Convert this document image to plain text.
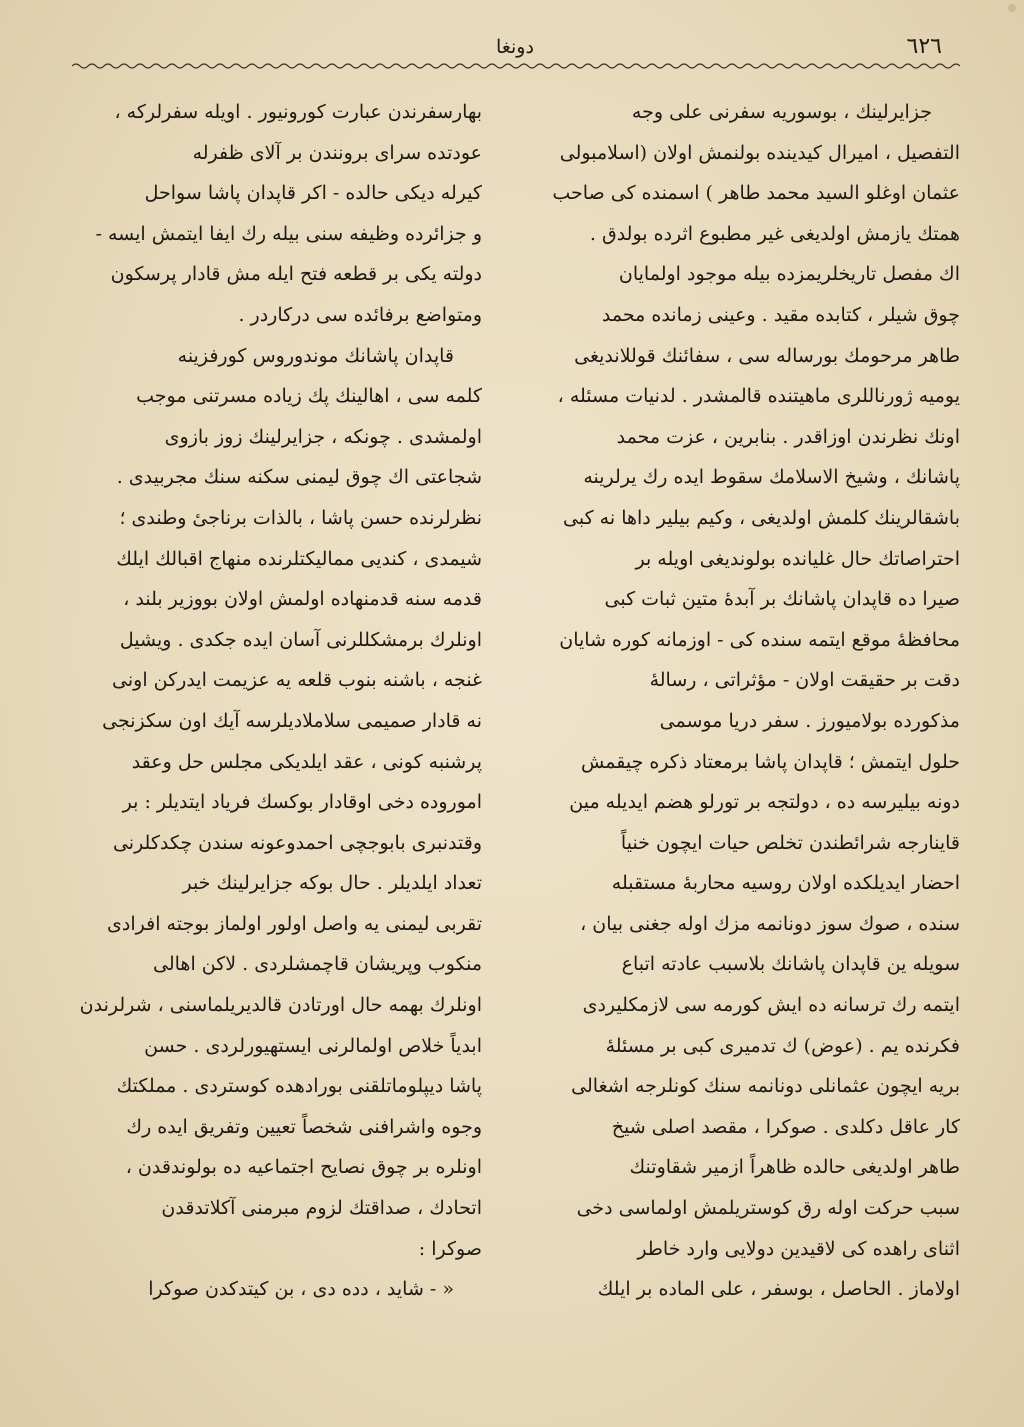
٦٢٦
دونغا
جزايرلينك ، بوسوريه سفرنى على وجه
التفصيل ، اميرال كيدينده بولنمش اولان (اسلامبولى
عثمان اوغلو السيد محمد طاهر ) اسمنده كى صاحب
همتك يازمش اولديغى غير مطبوع اثرده بولدق .
اك مفصل تاريخلريمزده بيله موجود اولمايان
چوق شيلر ، كتابده مقيد . وعينى زمانده محمد
طاهر مرحومك بورساله سى ، سفائنك قوللانديغى
يوميه ژورناللرى ماهيتنده قالمشدر . لدنيات مسئله ،
اونك نظرندن اوزاقدر . بنابرين ، عزت محمد
پاشانك ، وشيخ الاسلامك سقوط ايده رك يرلرينه
باشقالرينك كلمش اولديغى ، وكيم بيلير داها نه كبى
احتراصاتك حال غليانده بولونديغى اويله بر
صيرا ده قاپدان پاشانك بر آبدهٔ متين ثبات كبى
محافظهٔ موقع ايتمه سنده كى - اوزمانه كوره شايان
دقت بر حقيقت اولان - مؤثراتى ، رسالهٔ
مذكورده بولاميورز . سفر دريا موسمى
حلول ايتمش ؛ قاپدان پاشا برمعتاد ذكره چيقمش
دونه بيليرسه ده ، دولتجه بر تورلو هضم ايديله مين
قاينارجه شرائطندن تخلص حيات ايچون خنياً
احضار ايديلكده اولان روسيه محاربهٔ مستقبله
سنده ، صوك سوز دونانمه مزك اوله جغنى بيان ،
سويله ين قاپدان پاشانك بلاسبب عادته اتباع
ايتمه رك ترسانه ده ايش كورمه سى لازمكليردى
فكرنده يم . (عوض) ك تدميرى كبى بر مسئلهٔ
بريه ايچون عثمانلى دونانمه سنك كونلرجه اشغالى
كار عاقل دكلدى . صوكرا ، مقصد اصلى شيخ
طاهر اولديغى حالده ظاهراً ازمير شقاوتنك
سبب حركت اوله رق كوستريلمش اولماسى دخى
اثناى راهده كى لاقيدين دولايى وارد خاطر
اولاماز . الحاصل ، بوسفر ، على الماده بر ايلك
بهارسفرندن عبارت كورونيور . اويله سفرلركه ،
عودتده سراى برونندن بر آلاى ظفرله
كيرله ديكى حالده - اكر قاپدان پاشا سواحل
و جزائرده وظيفه سنى بيله رك ايفا ايتمش ايسه -
دولته يكى بر قطعه فتح ايله مش قادار پرسكون
ومتواضع برفائده سى دركاردر .
قاپدان پاشانك موندوروس كورفزينه
كلمه سى ، اهالينك پك زياده مسرتنى موجب
اولمشدى . چونكه ، جزايرلينك زوز بازوى
شجاعتى اك چوق ليمنى سكنه سنك مجربيدى .
نظرلرنده حسن پاشا ، بالذات برناجىٔ وطندى ؛
شيمدى ، كنديى مماليكتلرنده منهاج اقبالك ايلك
قدمه سنه قدمنهاده اولمش اولان بووزير بلند ،
اونلرك برمشكللرنى آسان ايده جكدى . ويشيل
غنجه ، باشنه بنوب قلعه يه عزيمت ايدركن اونى
نه قادار صميمى سلاملاديلرسه آيك اون سكزنجى
پرشنبه كونى ، عقد ايلديكى مجلس حل وعقد
اموروده دخى اوقادار بوكسك فرياد ايتديلر : بر
وقتدنبرى بابوجچى احمدوعونه سندن چكدكلرنى
تعداد ايلديلر . حال بوكه جزايرلينك خبر
تقربى ليمنى يه واصل اولور اولماز بوجته افرادى
منكوب وپريشان قاچمشلردى . لاكن اهالى
اونلرك بهمه حال اورتادن قالديريلماسنى ، شرلرندن
ابدياً خلاص اولمالرنى ايستهيورلردى . حسن
پاشا ديپلوماتلقنى بورادهده كوستردى . مملكتك
وجوه واشرافنى شخصاً تعيين وتفريق ايده رك
اونلره بر چوق نصايح اجتماعيه ده بولوندقدن ،
اتحادك ، صداقتك لزوم مبرمنى آكلاتدقدن
صوكرا :
« - شايد ، دده دى ، بن كيتدكدن صوكرا
